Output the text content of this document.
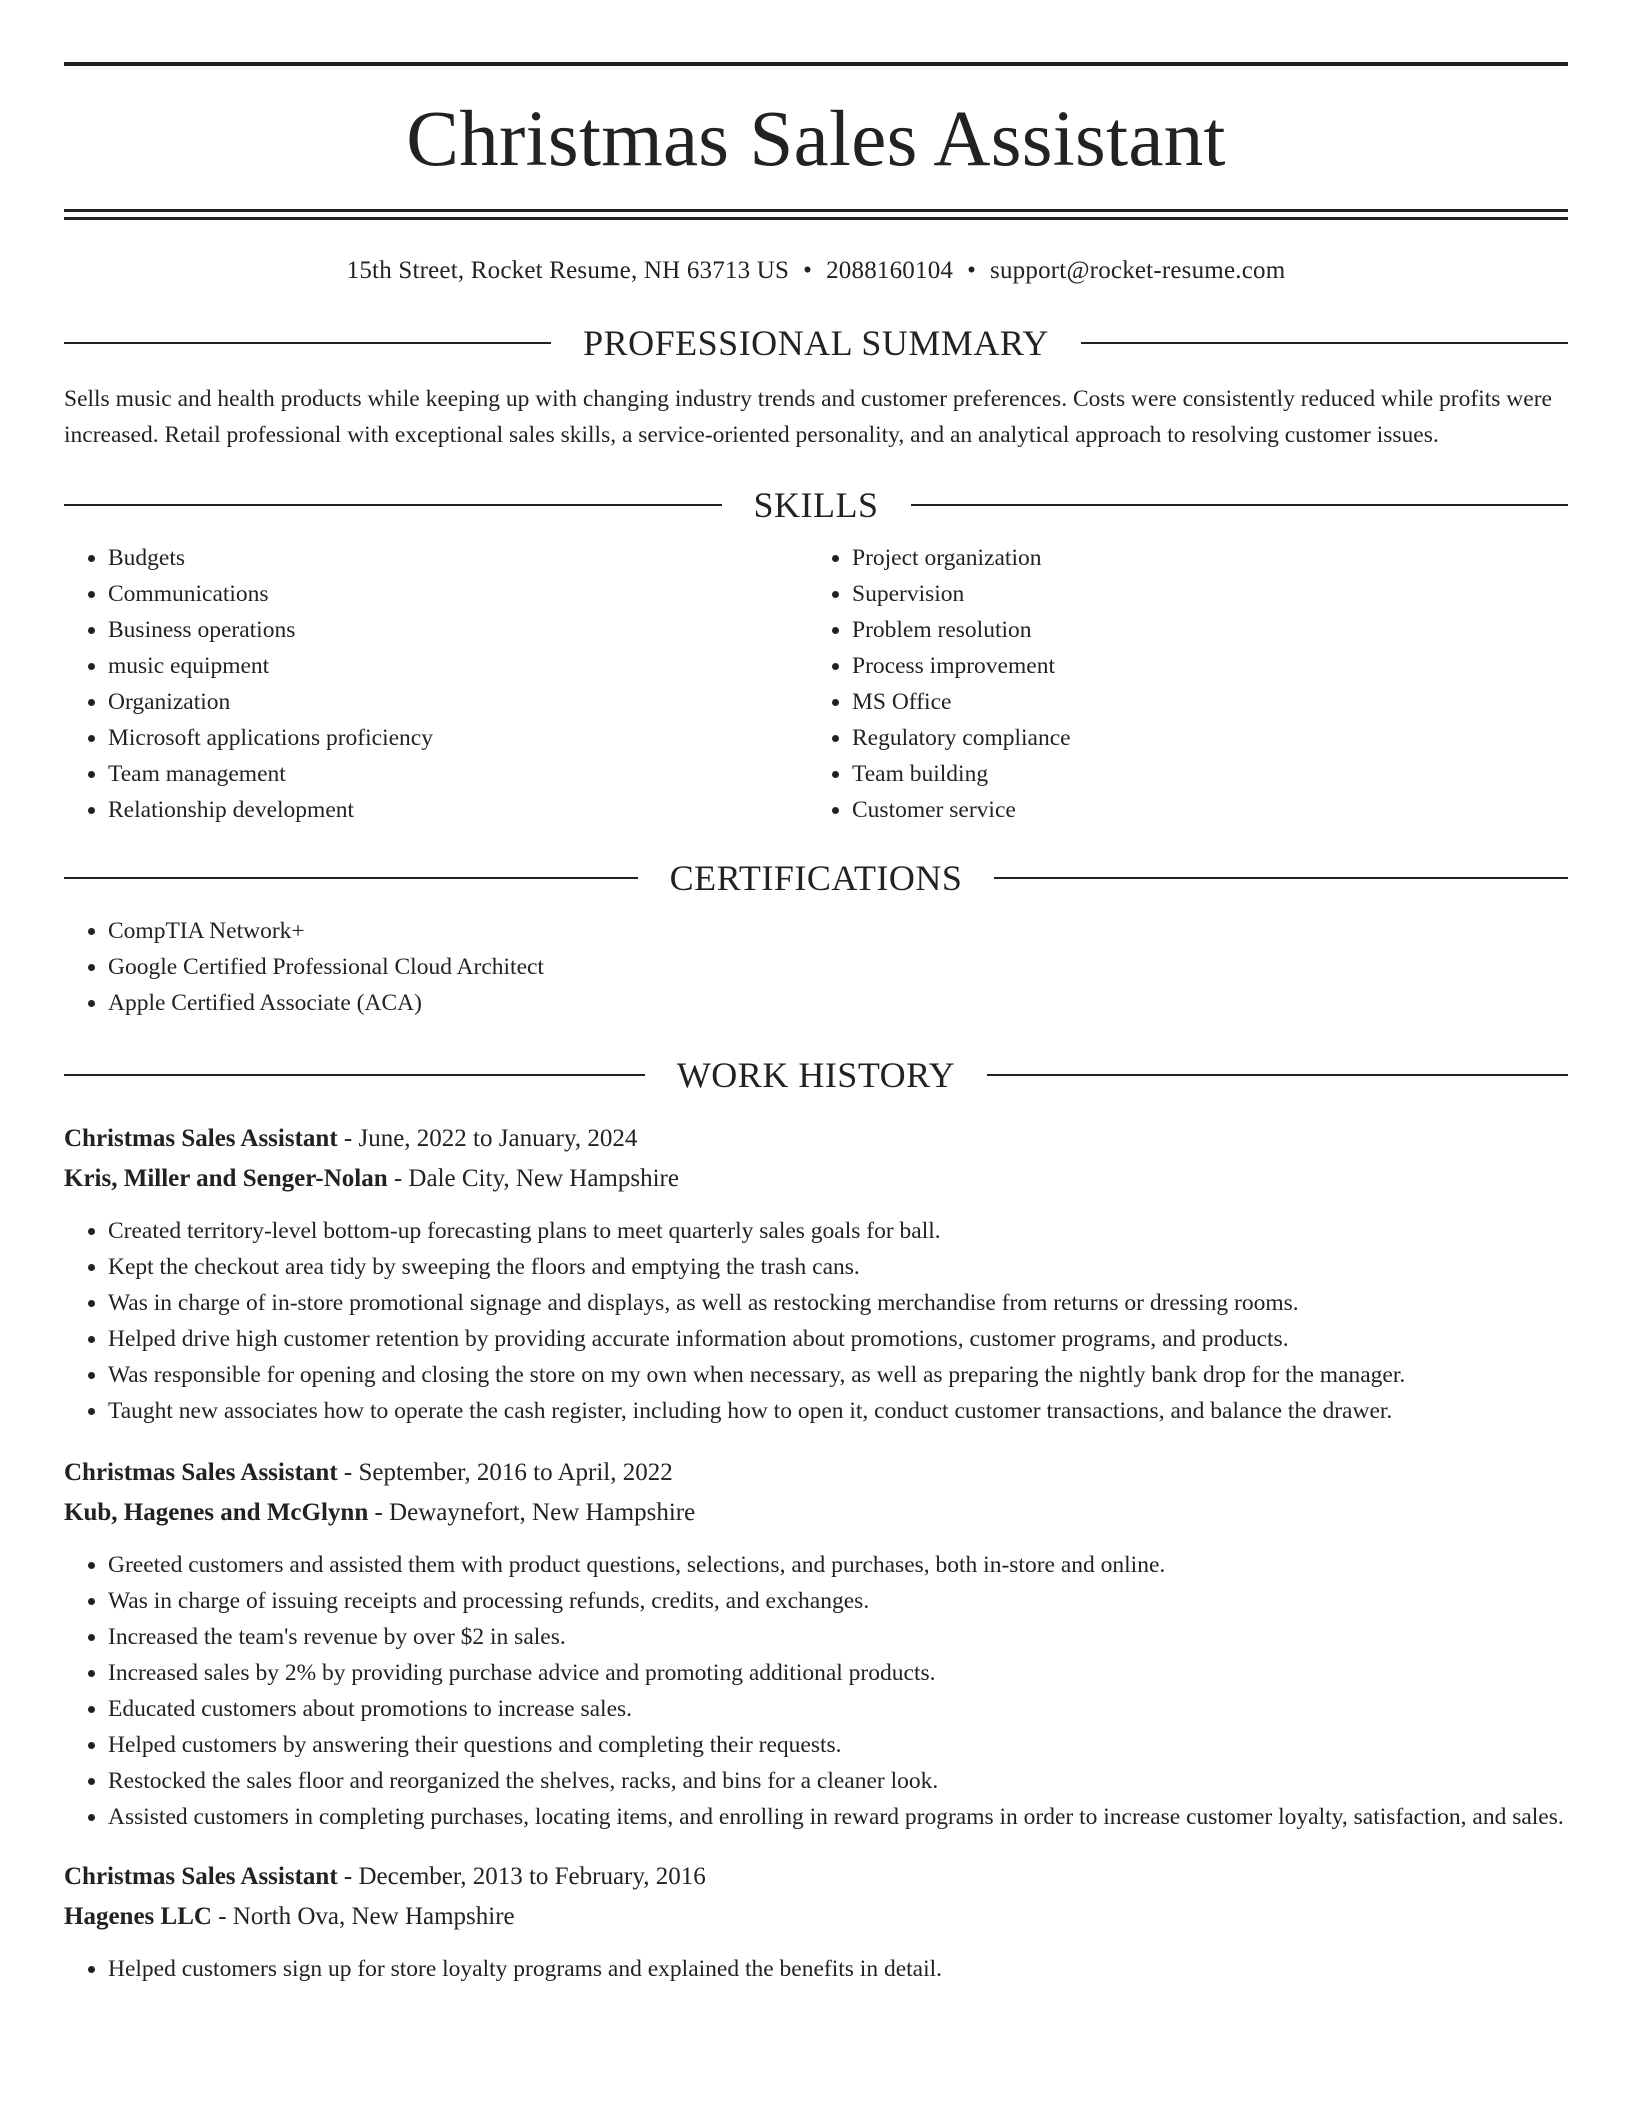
Christmas Sales Assistant
15th Street, Rocket Resume, NH 63713 US • 2088160104 • support@rocket-resume.com
PROFESSIONAL SUMMARY
Sells music and health products while keeping up with changing industry trends and customer preferences. Costs were consistently reduced while profits were increased. Retail professional with exceptional sales skills, a service-oriented personality, and an analytical approach to resolving customer issues.
SKILLS
• Budgets
• Communications
• Business operations
• music equipment
• Organization
• Microsoft applications proficiency
• Team management
• Relationship development
• Project organization
• Supervision
• Problem resolution
• Process improvement
• MS Office
• Regulatory compliance
• Team building
• Customer service
CERTIFICATIONS
• CompTIA Network+
• Google Certified Professional Cloud Architect
• Apple Certified Associate (ACA)
WORK HISTORY
Christmas Sales Assistant - June, 2022 to January, 2024
Kris, Miller and Senger-Nolan - Dale City, New Hampshire
• Created territory-level bottom-up forecasting plans to meet quarterly sales goals for ball.
• Kept the checkout area tidy by sweeping the floors and emptying the trash cans.
• Was in charge of in-store promotional signage and displays, as well as restocking merchandise from returns or dressing rooms.
• Helped drive high customer retention by providing accurate information about promotions, customer programs, and products.
• Was responsible for opening and closing the store on my own when necessary, as well as preparing the nightly bank drop for the manager.
• Taught new associates how to operate the cash register, including how to open it, conduct customer transactions, and balance the drawer.
Christmas Sales Assistant - September, 2016 to April, 2022
Kub, Hagenes and McGlynn - Dewaynefort, New Hampshire
• Greeted customers and assisted them with product questions, selections, and purchases, both in-store and online.
• Was in charge of issuing receipts and processing refunds, credits, and exchanges.
• Increased the team's revenue by over $2 in sales.
• Increased sales by 2% by providing purchase advice and promoting additional products.
• Educated customers about promotions to increase sales.
• Helped customers by answering their questions and completing their requests.
• Restocked the sales floor and reorganized the shelves, racks, and bins for a cleaner look.
• Assisted customers in completing purchases, locating items, and enrolling in reward programs in order to increase customer loyalty, satisfaction, and sales.
Christmas Sales Assistant - December, 2013 to February, 2016
Hagenes LLC - North Ova, New Hampshire
• Helped customers sign up for store loyalty programs and explained the benefits in detail.
